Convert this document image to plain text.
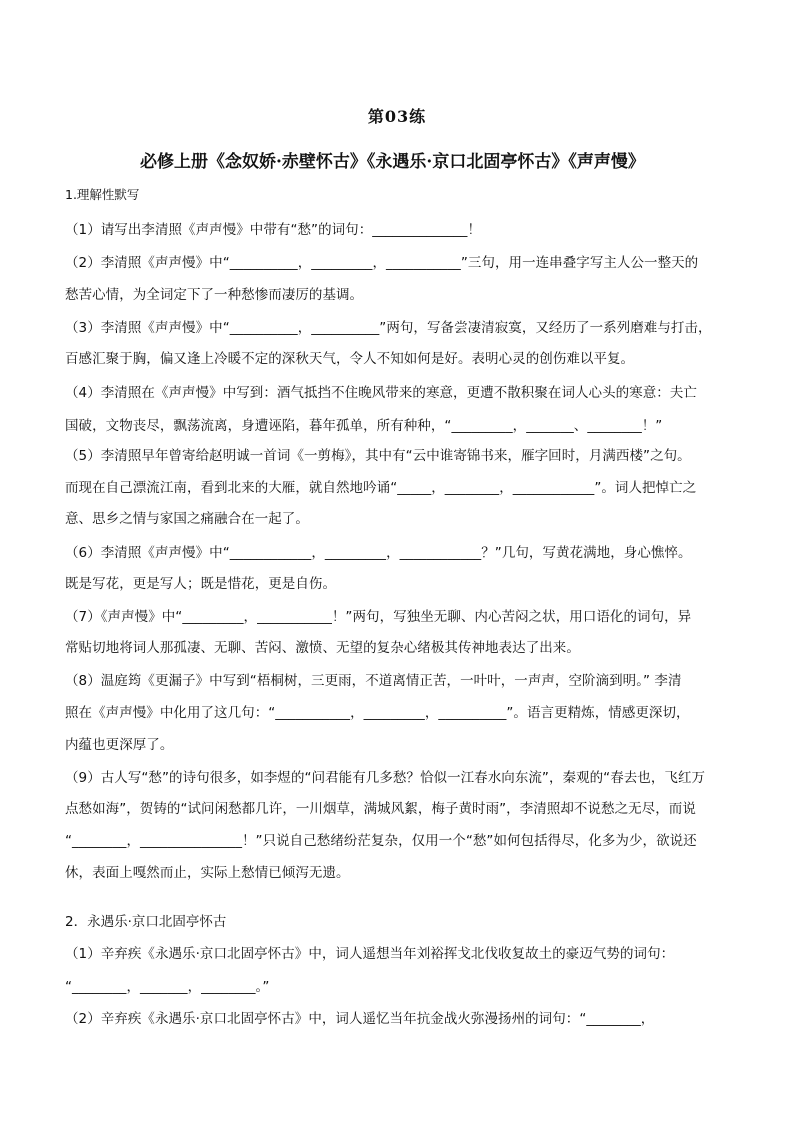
第03练
必修上册《念奴娇·赤壁怀古》《永遇乐·京口北固亭怀古》《声声慢》
1.理解性默写
（1）请写出李清照《声声慢》中带有“愁”的词句：______________！
（2）李清照《声声慢》中“__________，_________，___________”三句，用一连串叠字写主人公一整天的
愁苦心情，为全词定下了一种愁惨而凄厉的基调。
（3）李清照《声声慢》中“__________，__________”两句，写备尝凄清寂寞，又经历了一系列磨难与打击，
百感汇聚于胸，偏又逢上冷暖不定的深秋天气，令人不知如何是好。表明心灵的创伤难以平复。
（4）李清照在《声声慢》中写到：酒气抵挡不住晚风带来的寒意，更遭不散积聚在词人心头的寒意：夫亡
国破，文物丧尽，飘荡流离，身遭诬陷，暮年孤单，所有种种，“_________，_______、________！”
（5）李清照早年曾寄给赵明诚一首词《一剪梅》，其中有“云中谁寄锦书来，雁字回时，月满西楼”之句。
而现在自己漂流江南，看到北来的大雁，就自然地吟诵“_____，________，____________”。词人把悼亡之
意、思乡之情与家国之痛融合在一起了。
（6）李清照《声声慢》中“____________，_________，____________？”几句，写黄花满地，身心憔悴。
既是写花，更是写人；既是惜花，更是自伤。
（7）《声声慢》中“_________，___________！”两句，写独坐无聊、内心苦闷之状，用口语化的词句，异
常贴切地将词人那孤凄、无聊、苦闷、激愤、无望的复杂心绪极其传神地表达了出来。
（8）温庭筠《更漏子》中写到“梧桐树，三更雨，不道离情正苦，一叶叶，一声声，空阶滴到明。” 李清
照在《声声慢》中化用了这几句：“___________，_________，__________”。语言更精炼，情感更深切，
内蕴也更深厚了。
（9）古人写“愁”的诗句很多，如李煜的“问君能有几多愁？恰似一江春水向东流”，秦观的“春去也，飞红万
点愁如海”，贺铸的“试问闲愁都几许，一川烟草，满城风絮，梅子黄时雨”，李清照却不说愁之无尽，而说
“________，_______________！”只说自己愁绪纷茫复杂，仅用一个“愁”如何包括得尽，化多为少，欲说还
休，表面上嘎然而止，实际上愁情已倾泻无遗。
2．永遇乐·京口北固亭怀古
（1）辛弃疾《永遇乐·京口北固亭怀古》中，词人遥想当年刘裕挥戈北伐收复故土的豪迈气势的词句：
“________，_______，________。”
（2）辛弃疾《永遇乐·京口北固亭怀古》中，词人遥忆当年抗金战火弥漫扬州的词句：“________，
